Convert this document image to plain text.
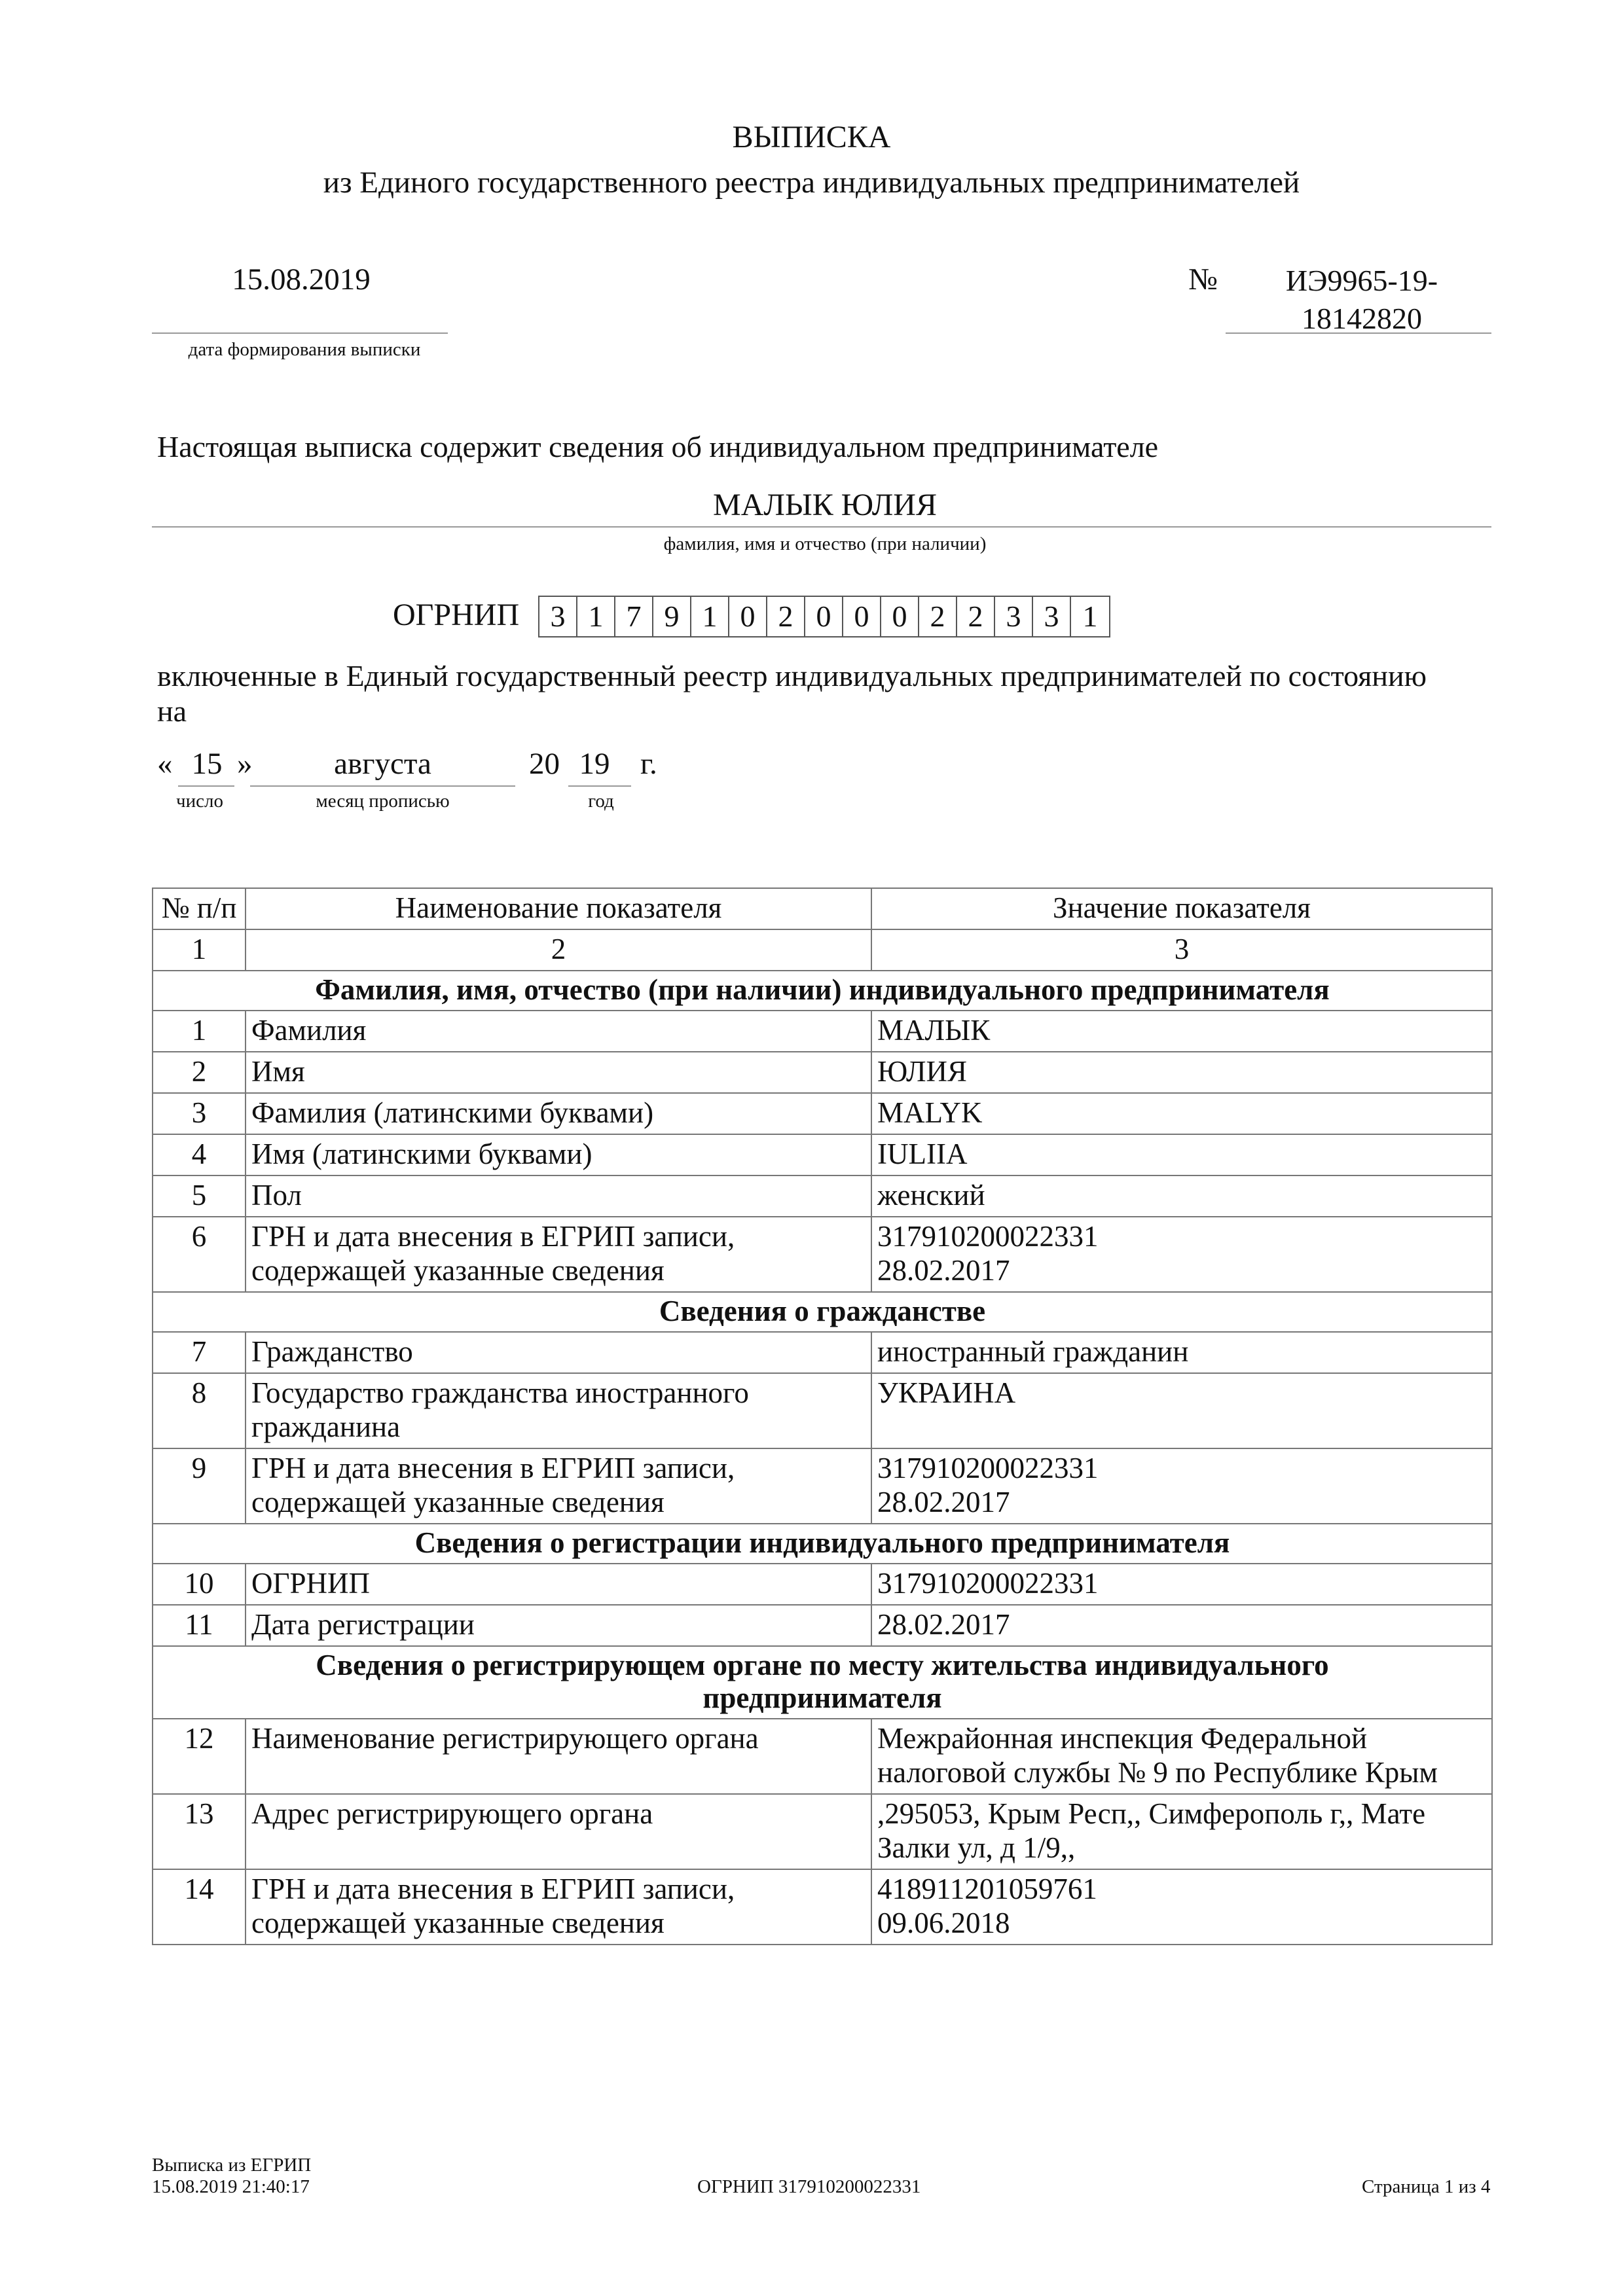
ВЫПИСКА
из Единого государственного реестра индивидуальных предпринимателей
15.08.2019
дата формирования выписки
№	ИЭ9965-19-
18142820
Настоящая выписка содержит сведения об индивидуальном предпринимателе
МАЛЫК ЮЛИЯ
фамилия, имя и отчество (при наличии)
ОГРНИП	3 1 7 9 1 0 2 0 0 0 2 2 3 3 1
включенные в Единый государственный реестр индивидуальных предпринимателей по состоянию на
« 15 »	августа	20 19 г.
число	месяц прописью	год
№ п/п	Наименование показателя	Значение показателя
1	2	3
Фамилия, имя, отчество (при наличии) индивидуального предпринимателя		
1	Фамилия	МАЛЫК
2	Имя	ЮЛИЯ
3	Фамилия (латинскими буквами)	MALYK
4	Имя (латинскими буквами)	IULIIA
5	Пол	женский
6	ГРН и дата внесения в ЕГРИП записи, содержащей указанные сведения	317910200022331
28.02.2017

Сведения о гражданстве		
7	Гражданство	иностранный гражданин
8	Государство гражданства иностранного гражданина	УКРАИНА
9	ГРН и дата внесения в ЕГРИП записи, содержащей указанные сведения	317910200022331
28.02.2017

Сведения о регистрации индивидуального предпринимателя		
10	ОГРНИП	317910200022331
11	Дата регистрации	28.02.2017
Сведения о регистрирующем органе по месту жительства индивидуального предпринимателя		
12	Наименование регистрирующего органа	Межрайонная инспекция Федеральной налоговой службы № 9 по Республике Крым
13	Адрес регистрирующего органа	,295053, Крым Респ,, Симферополь г,, Мате Залки ул, д 1/9,,
14	ГРН и дата внесения в ЕГРИП записи, содержащей указанные сведения	418911201059761
09.06.2018
Выписка из ЕГРИП
15.08.2019 21:40:17	ОГРНИП 317910200022331	Страница 1 из 4
